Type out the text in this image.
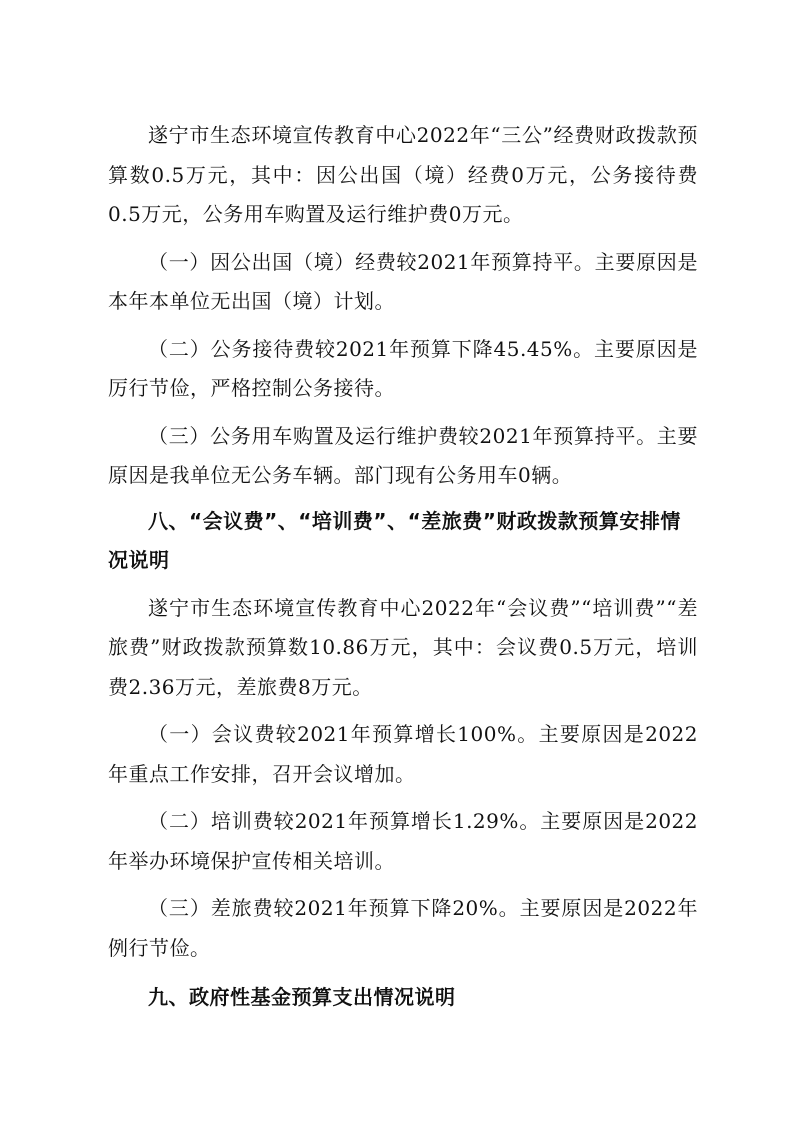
遂宁市生态环境宣传教育中心2022年“三公”经费财政拨款预算数0.5万元，其中：因公出国（境）经费0万元，公务接待费0.5万元，公务用车购置及运行维护费0万元。

（一）因公出国（境）经费较2021年预算持平。主要原因是本年本单位无出国（境）计划。

（二）公务接待费较2021年预算下降45.45%。主要原因是厉行节俭，严格控制公务接待。

（三）公务用车购置及运行维护费较2021年预算持平。主要原因是我单位无公务车辆。部门现有公务用车0辆。

八、“会议费”、“培训费”、“差旅费”财政拨款预算安排情况说明

遂宁市生态环境宣传教育中心2022年“会议费”“培训费”“差旅费”财政拨款预算数10.86万元，其中：会议费0.5万元，培训费2.36万元，差旅费8万元。

（一）会议费较2021年预算增长100%。主要原因是2022年重点工作安排，召开会议增加。

（二）培训费较2021年预算增长1.29%。主要原因是2022年举办环境保护宣传相关培训。

（三）差旅费较2021年预算下降20%。主要原因是2022年例行节俭。

九、政府性基金预算支出情况说明
